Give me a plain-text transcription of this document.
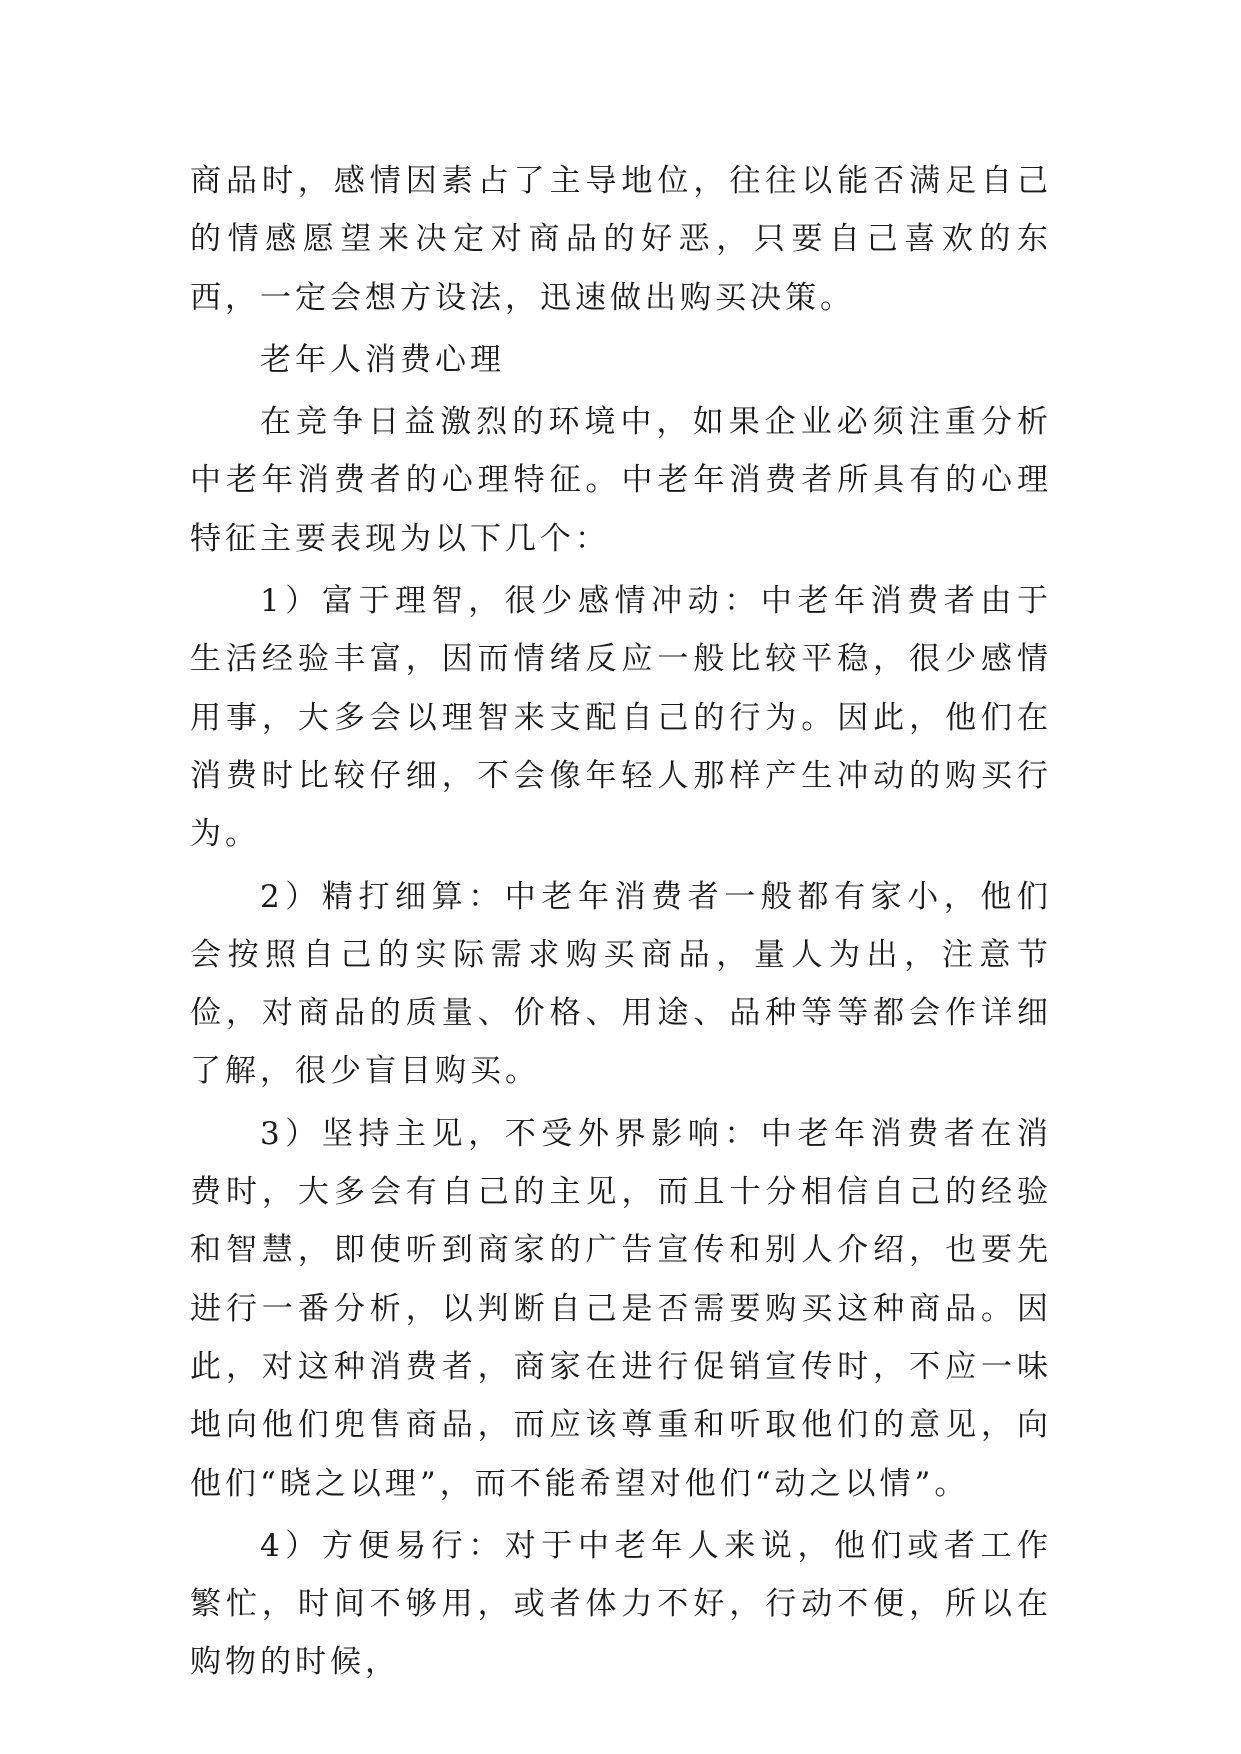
商品时，感情因素占了主导地位，往往以能否满足自己的情感愿望来决定对商品的好恶，只要自己喜欢的东西，一定会想方设法，迅速做出购买决策。

老年人消费心理

在竞争日益激烈的环境中，如果企业必须注重分析中老年消费者的心理特征。中老年消费者所具有的心理特征主要表现为以下几个：

1）富于理智，很少感情冲动：中老年消费者由于生活经验丰富，因而情绪反应一般比较平稳，很少感情用事，大多会以理智来支配自己的行为。因此，他们在消费时比较仔细，不会像年轻人那样产生冲动的购买行为。

2）精打细算：中老年消费者一般都有家小，他们会按照自己的实际需求购买商品，量人为出，注意节俭，对商品的质量、价格、用途、品种等等都会作详细了解，很少盲目购买。

3）坚持主见，不受外界影响：中老年消费者在消费时，大多会有自己的主见，而且十分相信自己的经验和智慧，即使听到商家的广告宣传和别人介绍，也要先进行一番分析，以判断自己是否需要购买这种商品。因此，对这种消费者，商家在进行促销宣传时，不应一味地向他们兜售商品，而应该尊重和听取他们的意见，向他们“晓之以理”，而不能希望对他们“动之以情”。

4）方便易行：对于中老年人来说，他们或者工作繁忙，时间不够用，或者体力不好，行动不便，所以在购物的时候，
